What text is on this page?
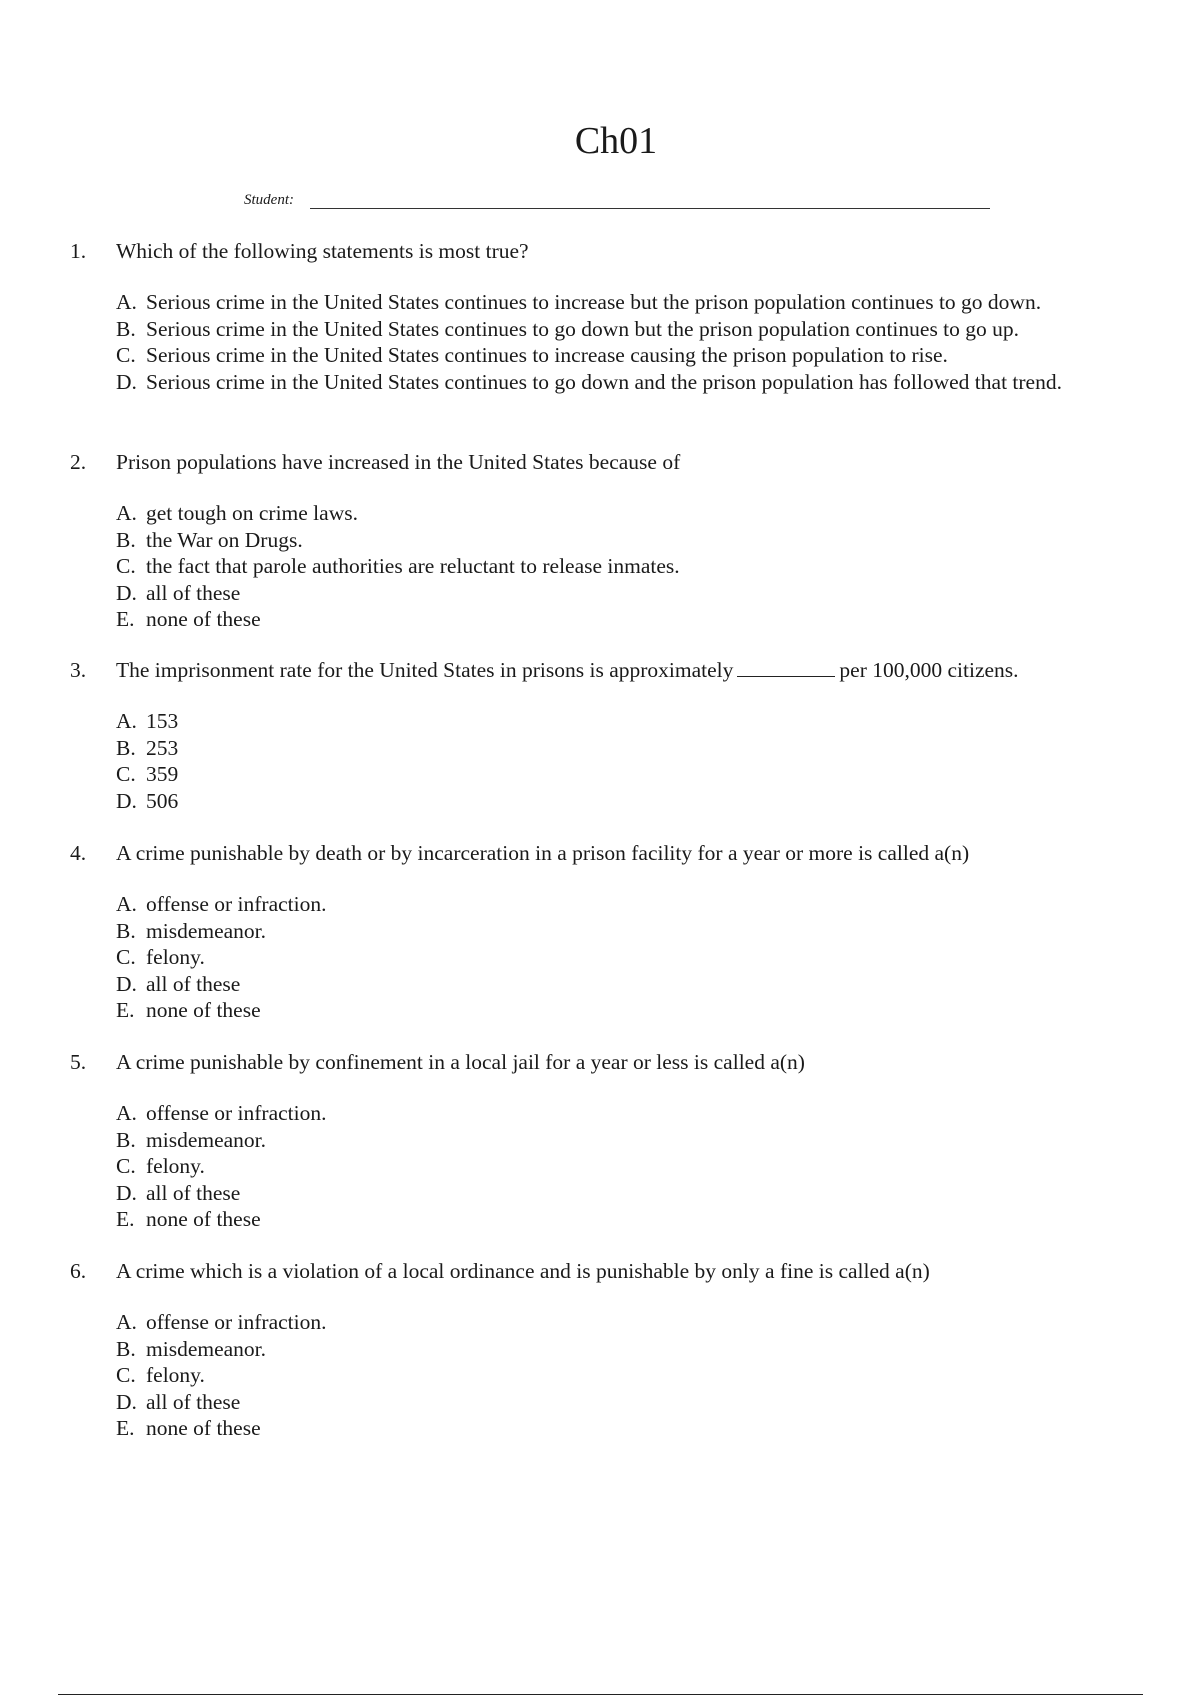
Ch01
Student:
1.	Which of the following statements is most true?
A. Serious crime in the United States continues to increase but the prison population continues to go down.
B. Serious crime in the United States continues to go down but the prison population continues to go up.
C. Serious crime in the United States continues to increase causing the prison population to rise.
D. Serious crime in the United States continues to go down and the prison population has followed that trend.
2.	Prison populations have increased in the United States because of
A. get tough on crime laws.
B. the War on Drugs.
C. the fact that parole authorities are reluctant to release inmates.
D. all of these
E. none of these
3.	The imprisonment rate for the United States in prisons is approximately	per 100,000 citizens.
A. 153
B. 253
C. 359
D. 506
4.	A crime punishable by death or by incarceration in a prison facility for a year or more is called a(n)
A. offense or infraction.
B. misdemeanor.
C. felony.
D. all of these
E. none of these
5.	A crime punishable by confinement in a local jail for a year or less is called a(n)
A. offense or infraction.
B. misdemeanor.
C. felony.
D. all of these
E. none of these
6.	A crime which is a violation of a local ordinance and is punishable by only a fine is called a(n)
A. offense or infraction.
B. misdemeanor.
C. felony.
D. all of these
E. none of these
